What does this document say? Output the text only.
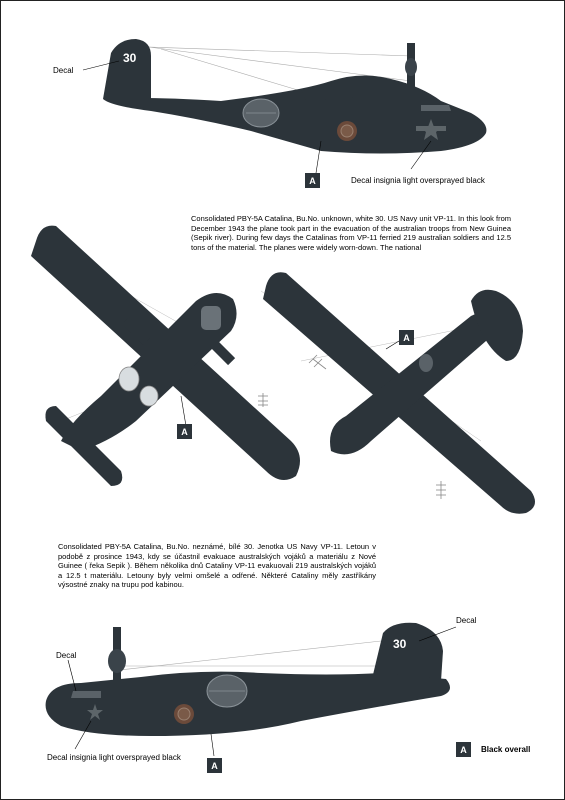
30
30
Decal
A	Decal insignia light oversprayed black

Consolidated PBY-5A Catalina, Bu.No. unknown, white 30. US Navy unit VP-11. In this look from December 1943 the plane took part in the evacuation of the australian troops from New Guinea (Sepik river). During few days the Catalinas from VP-11 ferried 219 australian soldiers and 12.5 tons of the material. The planes were widely worn-down. The national

A
A

Consolidated PBY-5A Catalina, Bu.No. neznámé, bílé 30. Jenotka US Navy VP-11. Letoun v podobě z prosince 1943, kdy se účastnil evakuace australských vojáků a materiálu z Nové Guinee ( řeka Sepik ). Během několika dnů Cataliny VP-11 evakuovali 219 australských vojáků a 12.5 t materiálu. Letouny byly velmi omšelé a odřené. Některé Cataliny měly zastříkány výsostné znaky na trupu pod kabinou.

Decal
Decal
Decal insignia light oversprayed black
A
A	Black overall
